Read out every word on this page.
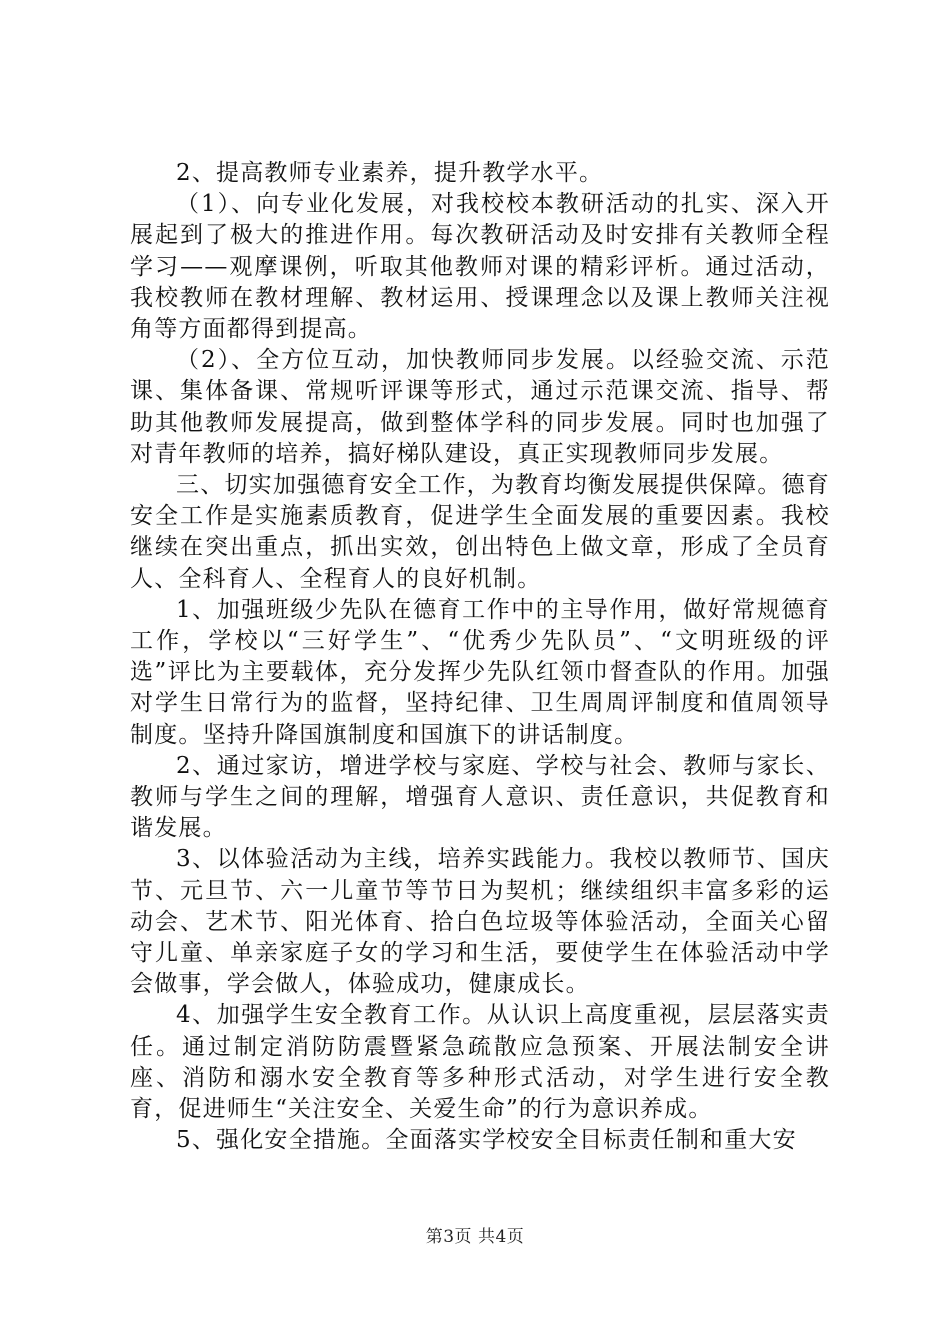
2、提高教师专业素养，提升教学水平。

（1）、向专业化发展，对我校校本教研活动的扎实、深入开展起到了极大的推进作用。每次教研活动及时安排有关教师全程学习——观摩课例，听取其他教师对课的精彩评析。通过活动，我校教师在教材理解、教材运用、授课理念以及课上教师关注视角等方面都得到提高。

（2）、全方位互动，加快教师同步发展。以经验交流、示范课、集体备课、常规听评课等形式，通过示范课交流、指导、帮助其他教师发展提高，做到整体学科的同步发展。同时也加强了对青年教师的培养，搞好梯队建设，真正实现教师同步发展。

三、切实加强德育安全工作，为教育均衡发展提供保障。德育安全工作是实施素质教育，促进学生全面发展的重要因素。我校继续在突出重点，抓出实效，创出特色上做文章，形成了全员育人、全科育人、全程育人的良好机制。

1、加强班级少先队在德育工作中的主导作用，做好常规德育工作，学校以“三好学生”、“优秀少先队员”、“文明班级的评选”评比为主要载体，充分发挥少先队红领巾督查队的作用。加强对学生日常行为的监督，坚持纪律、卫生周周评制度和值周领导制度。坚持升降国旗制度和国旗下的讲话制度。

2、通过家访，增进学校与家庭、学校与社会、教师与家长、教师与学生之间的理解，增强育人意识、责任意识，共促教育和谐发展。

3、以体验活动为主线，培养实践能力。我校以教师节、国庆节、元旦节、六一儿童节等节日为契机；继续组织丰富多彩的运动会、艺术节、阳光体育、拾白色垃圾等体验活动，全面关心留守儿童、单亲家庭子女的学习和生活，要使学生在体验活动中学会做事，学会做人，体验成功，健康成长。

4、加强学生安全教育工作。从认识上高度重视，层层落实责任。通过制定消防防震暨紧急疏散应急预案、开展法制安全讲座、消防和溺水安全教育等多种形式活动，对学生进行安全教育，促进师生“关注安全、关爱生命”的行为意识养成。

5、强化安全措施。全面落实学校安全目标责任制和重大安

第3页 共4页
